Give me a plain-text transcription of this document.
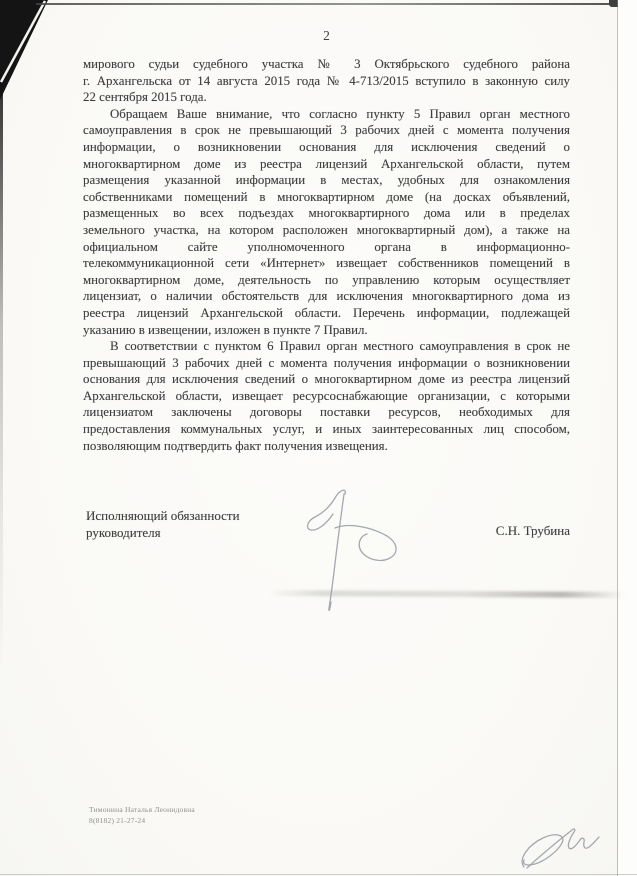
2
мирового судьи судебного участка № 3 Октябрьского судебного района
г. Архангельска от 14 августа 2015 года № 4-713/2015 вступило в законную силу
22 сентября 2015 года.
Обращаем Ваше внимание, что согласно пункту 5 Правил орган местного
самоуправления в срок не превышающий 3 рабочих дней с момента получения
информации, о возникновении основания для исключения сведений о
многоквартирном доме из реестра лицензий Архангельской области, путем
размещения указанной информации в местах, удобных для ознакомления
собственниками помещений в многоквартирном доме (на досках объявлений,
размещенных во всех подъездах многоквартирного дома или в пределах
земельного участка, на котором расположен многоквартирный дом), а также на
официальном сайте уполномоченного органа в информационно-
телекоммуникационной сети «Интернет» извещает собственников помещений в
многоквартирном доме, деятельность по управлению которым осуществляет
лицензиат, о наличии обстоятельств для исключения многоквартирного дома из
реестра лицензий Архангельской области. Перечень информации, подлежащей
указанию в извещении, изложен в пункте 7 Правил.
В соответствии с пунктом 6 Правил орган местного самоуправления в срок не
превышающий 3 рабочих дней с момента получения информации о возникновении
основания для исключения сведений о многоквартирном доме из реестра лицензий
Архангельской области, извещает ресурсоснабжающие организации, с которыми
лицензиатом заключены договоры поставки ресурсов, необходимых для
предоставления коммунальных услуг, и иных заинтересованных лиц способом,
позволяющим подтвердить факт получения извещения.
Исполняющий обязанности
руководителя	С.Н. Трубина
Тимонина Наталья Леонидовна
8(8182) 21-27-24
